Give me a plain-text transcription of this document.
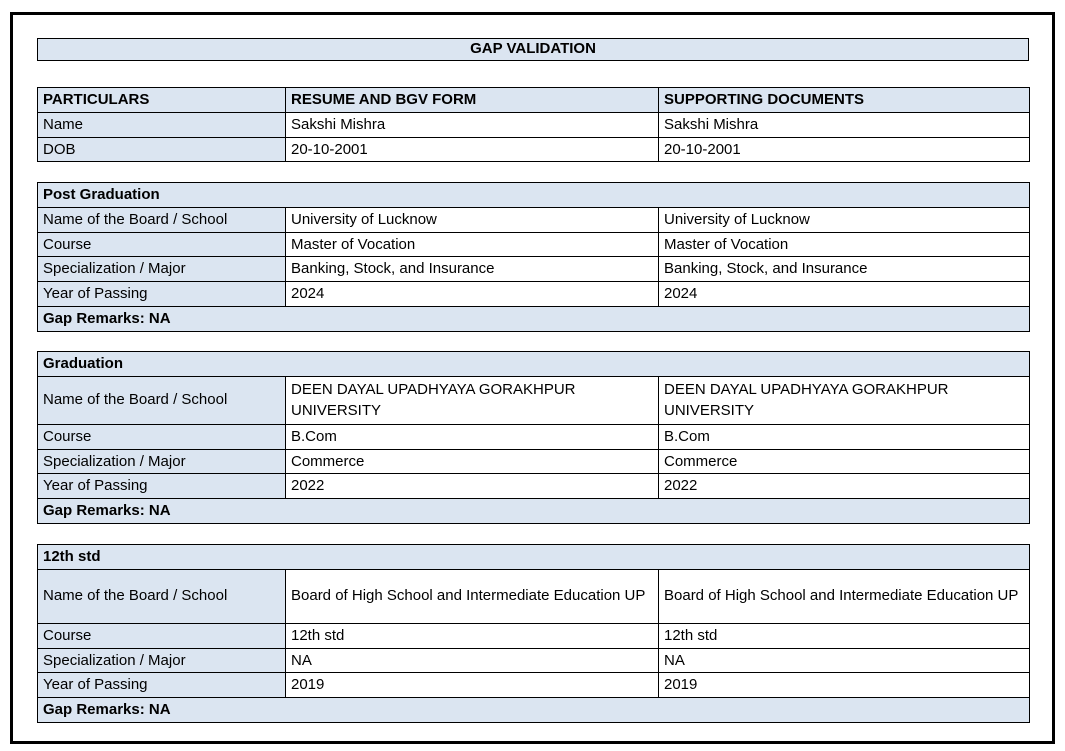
GAP VALIDATION
PARTICULARS	RESUME AND BGV FORM	SUPPORTING DOCUMENTS
Name	Sakshi Mishra	Sakshi Mishra
DOB	20-10-2001	20-10-2001
Post Graduation		
Name of the Board / School	University of Lucknow	University of Lucknow
Course	Master of Vocation	Master of Vocation
Specialization / Major	Banking, Stock, and Insurance	Banking, Stock, and Insurance
Year of Passing	2024	2024
Gap Remarks: NA		
Graduation		
Name of the Board / School	DEEN DAYAL UPADHYAYA GORAKHPUR UNIVERSITY	DEEN DAYAL UPADHYAYA GORAKHPUR UNIVERSITY
Course	B.Com	B.Com
Specialization / Major	Commerce	Commerce
Year of Passing	2022	2022
Gap Remarks: NA		
12th std		
Name of the Board / School	Board of High School and Intermediate Education UP	Board of High School and Intermediate Education UP
Course	12th std	12th std
Specialization / Major	NA	NA
Year of Passing	2019	2019
Gap Remarks: NA		
